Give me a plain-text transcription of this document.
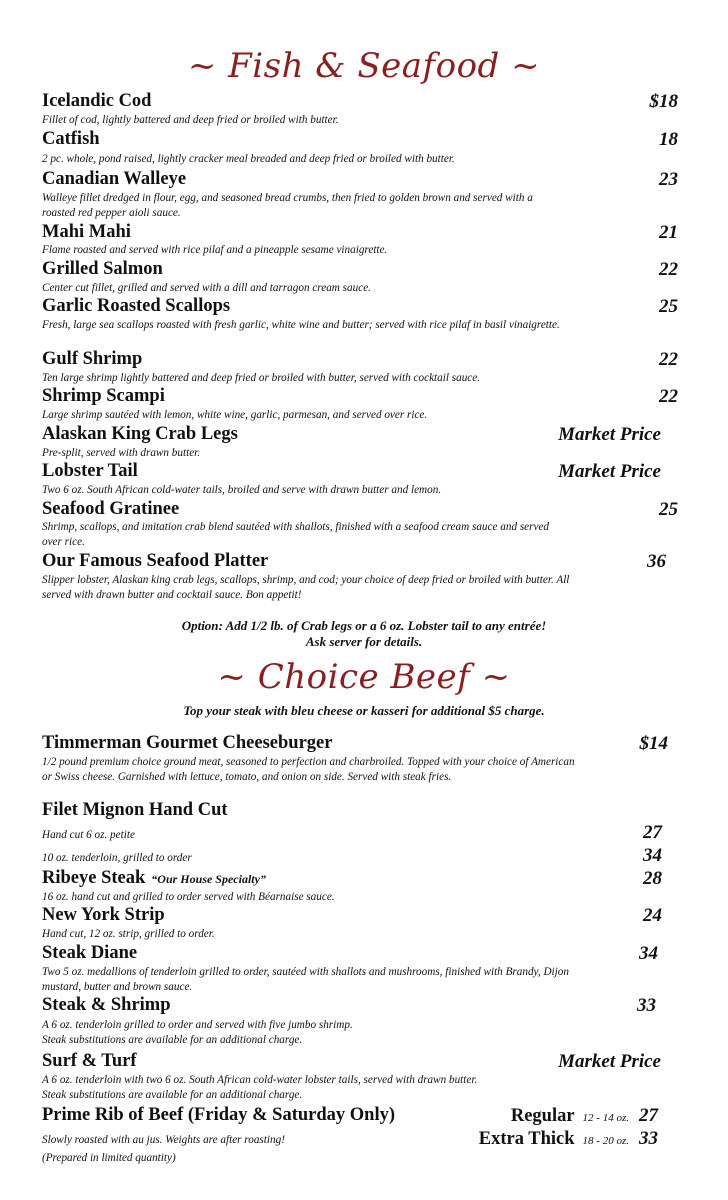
~ Fish & Seafood ~
Icelandic Cod	$18
Fillet of cod, lightly battered and deep fried or broiled with butter.
Catfish	18
2 pc. whole, pond raised, lightly cracker meal breaded and deep fried or broiled with butter.
Canadian Walleye	23
Walleye fillet dredged in flour, egg, and seasoned bread crumbs, then fried to golden brown and served with a roasted red pepper aioli sauce.
Mahi Mahi	21
Flame roasted and served with rice pilaf and a pineapple sesame vinaigrette.
Grilled Salmon	22
Center cut fillet, grilled and served with a dill and tarragon cream sauce.
Garlic Roasted Scallops	25
Fresh, large sea scallops roasted with fresh garlic, white wine and butter; served with rice pilaf in basil vinaigrette.
Gulf Shrimp	22
Ten large shrimp lightly battered and deep fried or broiled with butter, served with cocktail sauce.
Shrimp Scampi	22
Large shrimp sautéed with lemon, white wine, garlic, parmesan, and served over rice.
Alaskan King Crab Legs	Market Price
Pre-split, served with drawn butter.
Lobster Tail	Market Price
Two 6 oz. South African cold-water tails, broiled and serve with drawn butter and lemon.
Seafood Gratinee	25
Shrimp, scallops, and imitation crab blend sautéed with shallots, finished with a seafood cream sauce and served over rice.
Our Famous Seafood Platter	36
Slipper lobster, Alaskan king crab legs, scallops, shrimp, and cod; your choice of deep fried or broiled with butter. All served with drawn butter and cocktail sauce. Bon appetit!
Option: Add 1/2 lb. of Crab legs or a 6 oz. Lobster tail to any entrée!
Ask server for details.
~ Choice Beef ~
Top your steak with bleu cheese or kasseri for additional $5 charge.
Timmerman Gourmet Cheeseburger	$14
1/2 pound premium choice ground meat, seasoned to perfection and charbroiled. Topped with your choice of American or Swiss cheese. Garnished with lettuce, tomato, and onion on side. Served with steak fries.
Filet Mignon Hand Cut
Hand cut 6 oz. petite	27
10 oz. tenderloin, grilled to order	34
Ribeye Steak “Our House Specialty”	28
16 oz. hand cut and grilled to order served with Béarnaise sauce.
New York Strip	24
Hand cut, 12 oz. strip, grilled to order.
Steak Diane	34
Two 5 oz. medallions of tenderloin grilled to order, sautéed with shallots and mushrooms, finished with Brandy, Dijon mustard, butter and brown sauce.
Steak & Shrimp	33
A 6 oz. tenderloin grilled to order and served with five jumbo shrimp.
Steak substitutions are available for an additional charge.
Surf & Turf	Market Price
A 6 oz. tenderloin with two 6 oz. South African cold-water lobster tails, served with drawn butter.
Steak substitutions are available for an additional charge.
Prime Rib of Beef (Friday & Saturday Only)	Regular 12 - 14 oz. 27
Extra Thick 18 - 20 oz. 33
Slowly roasted with au jus. Weights are after roasting!
(Prepared in limited quantity)
